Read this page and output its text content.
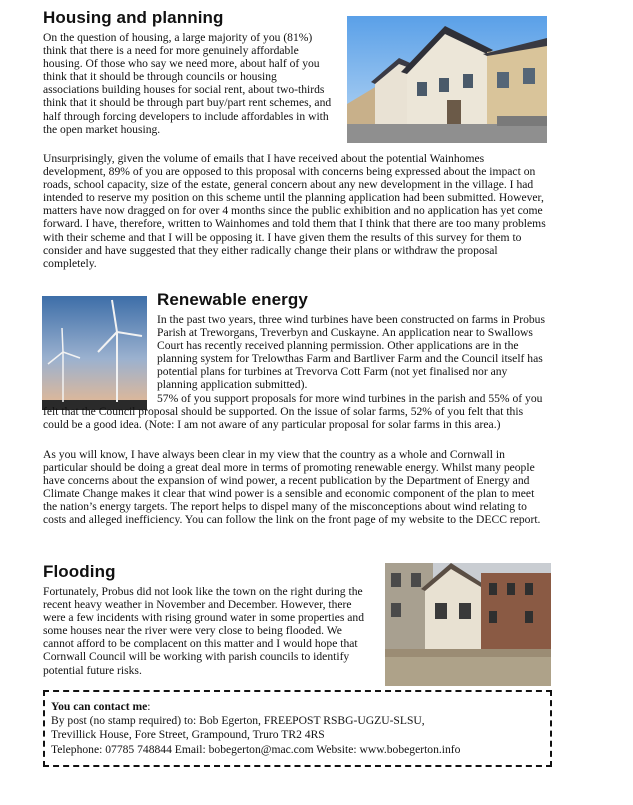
Housing and planning

On the question of housing, a large majority of you (81%) think that there is a need for more genuinely affordable housing. Of those who say we need more, about half of you think that it should be through councils or housing associations building houses for social rent, about two-thirds think that it should be through part buy/part rent schemes, and half through forcing developers to include affordables in with the open market housing.

Unsurprisingly, given the volume of emails that I have received about the potential Wainhomes development, 89% of you are opposed to this proposal with concerns being expressed about the impact on roads, school capacity, size of the estate, general concern about any new development in the village. I had intended to reserve my position on this scheme until the planning application had been submitted. However, matters have now dragged on for over 4 months since the public exhibition and no application has yet come forward. I have, therefore, written to Wainhomes and told them that I think that there are too many problems with their scheme and that I will be opposing it. I have given them the results of this survey for them to consider and have suggested that they either radically change their plans or withdraw the proposal completely.

Renewable energy

In the past two years, three wind turbines have been constructed on farms in Probus Parish at Treworgans, Treverbyn and Cuskayne. An application near to Swallows Court has recently received planning permission. Other applications are in the planning system for Trelowthas Farm and Bartliver Farm and the Council itself has potential plans for turbines at Trevorva Cott Farm (not yet finalised nor any planning application submitted).

57% of you support proposals for more wind turbines in the parish and 55% of you felt that the Council proposal should be supported. On the issue of solar farms, 52% of you felt that this could be a good idea. (Note: I am not aware of any particular proposal for solar farms in this area.)

As you will know, I have always been clear in my view that the country as a whole and Cornwall in particular should be doing a great deal more in terms of promoting renewable energy. Whilst many people have concerns about the expansion of wind power, a recent publication by the Department of Energy and Climate Change makes it clear that wind power is a sensible and economic component of the plan to meet the nation’s energy targets. The report helps to dispel many of the misconceptions about wind relating to costs and alleged inefficiency. You can follow the link on the front page of my website to the DECC report.

Flooding

Fortunately, Probus did not look like the town on the right during the recent heavy weather in November and December. However, there were a few incidents with rising ground water in some properties and some houses near the river were very close to being flooded. We cannot afford to be complacent on this matter and I would hope that Cornwall Council will be working with parish councils to identify potential future risks.

You can contact me:
By post (no stamp required) to: Bob Egerton, FREEPOST RSBG-UGZU-SLSU,
Trevillick House, Fore Street, Grampound, Truro TR2 4RS
Telephone: 07785 748844 Email: bobegerton@mac.com Website: www.bobegerton.info
